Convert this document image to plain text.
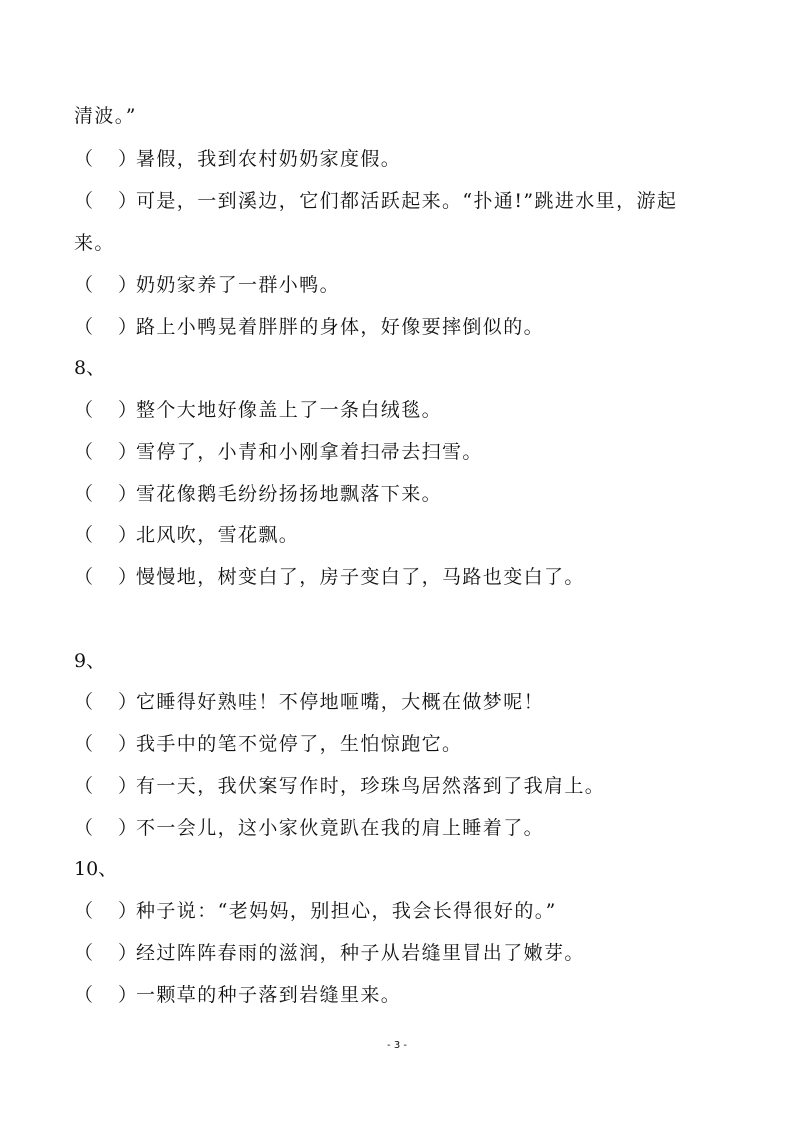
清波。”
（ ）暑假，我到农村奶奶家度假。
（ ）可是，一到溪边，它们都活跃起来。“扑通!”跳进水里，游起
来。
（ ）奶奶家养了一群小鸭。
（ ）路上小鸭晃着胖胖的身体，好像要摔倒似的。
8、
（ ）整个大地好像盖上了一条白绒毯。
（ ）雪停了，小青和小刚拿着扫帚去扫雪。
（ ）雪花像鹅毛纷纷扬扬地飘落下来。
（ ）北风吹，雪花飘。
（ ）慢慢地，树变白了，房子变白了，马路也变白了。
9、
（ ）它睡得好熟哇！不停地咂嘴，大概在做梦呢！
（ ）我手中的笔不觉停了，生怕惊跑它。
（ ）有一天，我伏案写作时，珍珠鸟居然落到了我肩上。
（ ）不一会儿，这小家伙竟趴在我的肩上睡着了。
10、
（ ）种子说：“老妈妈，别担心，我会长得很好的。”
（ ）经过阵阵春雨的滋润，种子从岩缝里冒出了嫩芽。
（ ）一颗草的种子落到岩缝里来。
- 3 -
